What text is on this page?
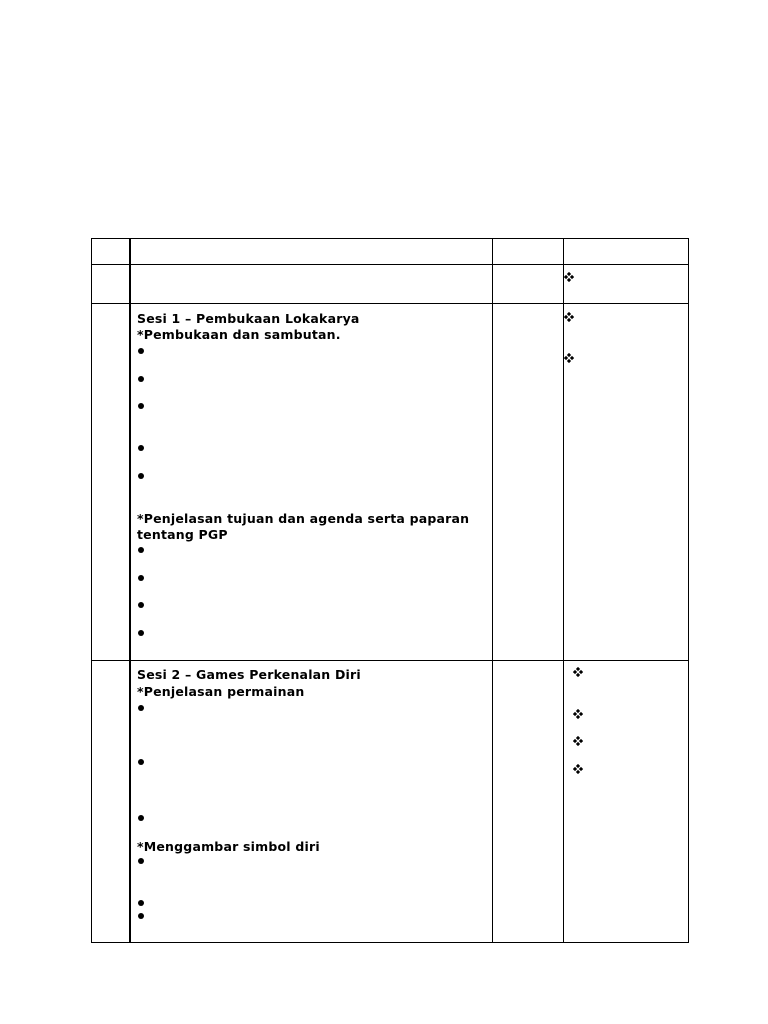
Sesi 1 – Pembukaan Lokakarya
*Pembukaan dan sambutan.
*Penjelasan tujuan dan agenda serta paparan
tentang PGP
Sesi 2 – Games Perkenalan Diri
*Penjelasan permainan
*Menggambar simbol diri
